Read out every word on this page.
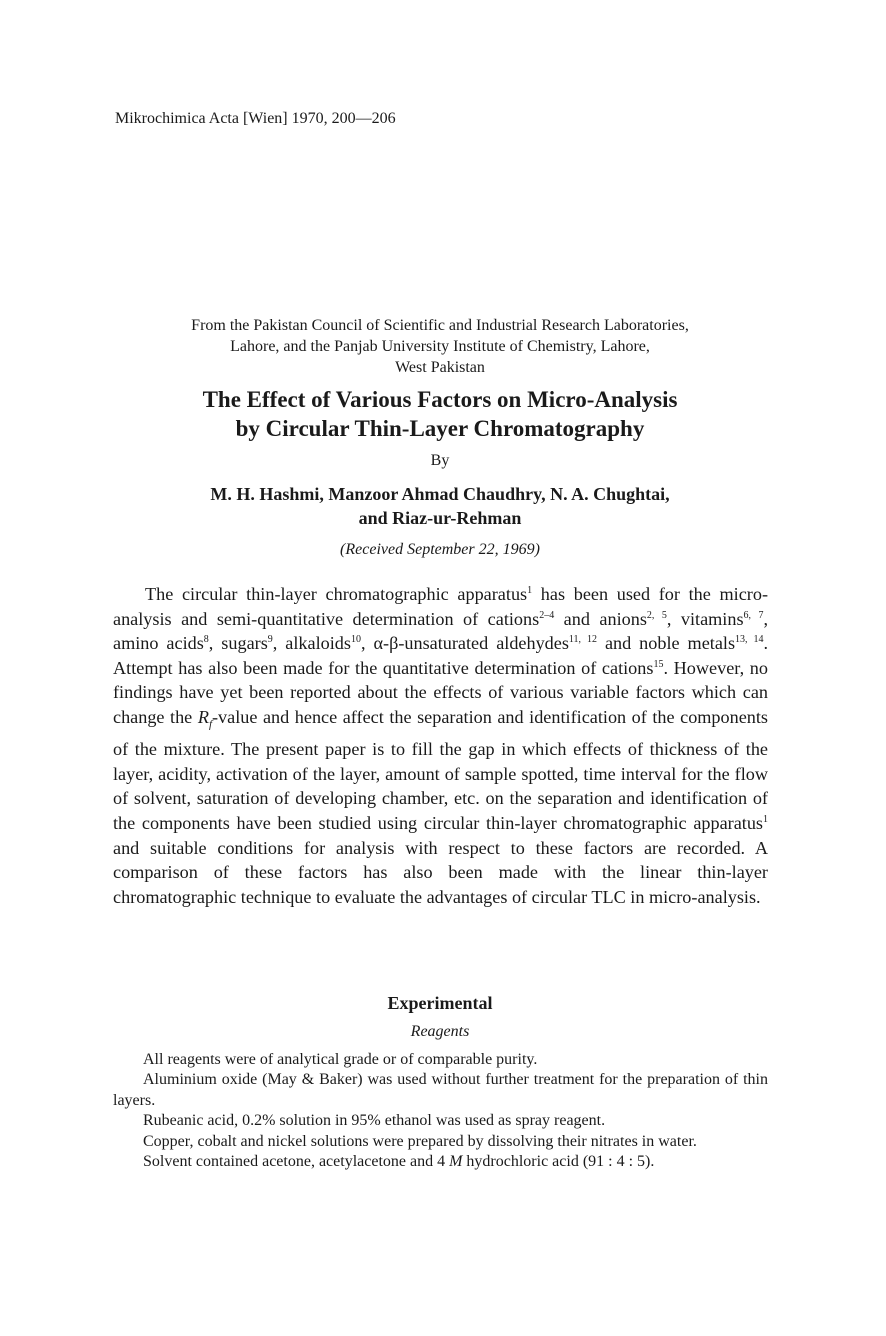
Mikrochimica Acta [Wien] 1970, 200—206
From the Pakistan Council of Scientific and Industrial Research Laboratories,
Lahore, and the Panjab University Institute of Chemistry, Lahore,
West Pakistan
The Effect of Various Factors on Micro-Analysis
by Circular Thin-Layer Chromatography
By
M. H. Hashmi, Manzoor Ahmad Chaudhry, N. A. Chughtai,
and Riaz-ur-Rehman
(Received September 22, 1969)

The circular thin-layer chromatographic apparatus$^1$ has been used for the micro-analysis and semi-quantitative determination of cations$^{2-4}$ and anions$^{2, 5}$, vitamins$^{6, 7}$, amino acids$^8$, sugars$^9$, alkaloids$^{10}$, α-β-unsaturated aldehydes$^{11, 12}$ and noble metals$^{13, 14}$. Attempt has also been made for the quantitative determination of cations$^{15}$. However, no findings have yet been reported about the effects of various variable factors which can change the $R_f$-value and hence affect the separation and identification of the components of the mixture. The present paper is to fill the gap in which effects of thickness of the layer, acidity, activation of the layer, amount of sample spotted, time interval for the flow of solvent, saturation of developing chamber, etc. on the separation and identification of the components have been studied using circular thin-layer chromatographic apparatus$^1$ and suitable conditions for analysis with respect to these factors are recorded. A comparison of these factors has also been made with the linear thin-layer chromatographic technique to evaluate the advantages of circular TLC in micro-analysis.

Experimental
Reagents

All reagents were of analytical grade or of comparable purity.

Aluminium oxide (May & Baker) was used without further treatment for the preparation of thin layers.

Rubeanic acid, 0.2% solution in 95% ethanol was used as spray reagent.

Copper, cobalt and nickel solutions were prepared by dissolving their nitrates in water.

Solvent contained acetone, acetylacetone and 4 M hydrochloric acid (91 : 4 : 5).
